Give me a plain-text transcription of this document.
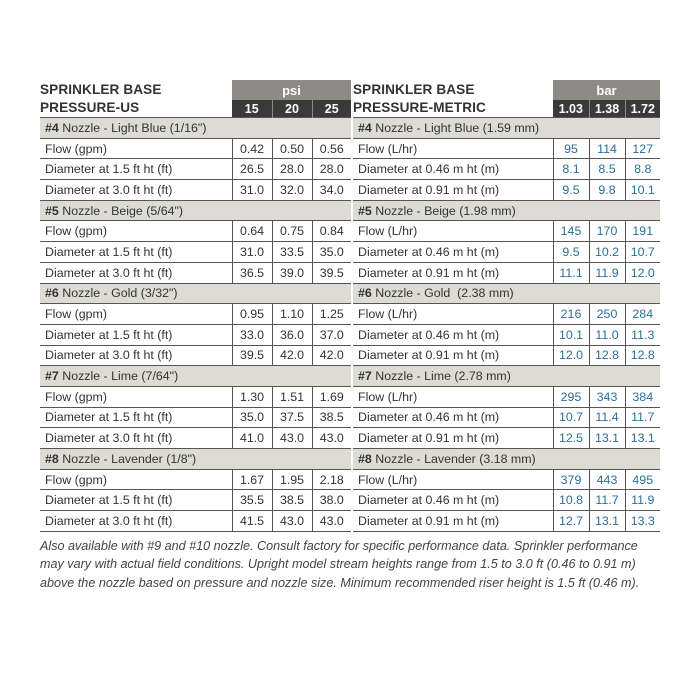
SPRINKLER BASE
PRESSURE-US	psi		
	15	20	25
#4 Nozzle - Light Blue (1/16")			
Flow (gpm)	0.42	0.50	0.56
Diameter at 1.5 ft ht (ft)	26.5	28.0	28.0
Diameter at 3.0 ft ht (ft)	31.0	32.0	34.0
#5 Nozzle - Beige (5/64")			
Flow (gpm)	0.64	0.75	0.84
Diameter at 1.5 ft ht (ft)	31.0	33.5	35.0
Diameter at 3.0 ft ht (ft)	36.5	39.0	39.5
#6 Nozzle - Gold (3/32")			
Flow (gpm)	0.95	1.10	1.25
Diameter at 1.5 ft ht (ft)	33.0	36.0	37.0
Diameter at 3.0 ft ht (ft)	39.5	42.0	42.0
#7 Nozzle - Lime (7/64")			
Flow (gpm)	1.30	1.51	1.69
Diameter at 1.5 ft ht (ft)	35.0	37.5	38.5
Diameter at 3.0 ft ht (ft)	41.0	43.0	43.0
#8 Nozzle - Lavender (1/8")			
Flow (gpm)	1.67	1.95	2.18
Diameter at 1.5 ft ht (ft)	35.5	38.5	38.0
Diameter at 3.0 ft ht (ft)	41.5	43.0	43.0
SPRINKLER BASE
PRESSURE-METRIC	bar		
	1.03	1.38	1.72
#4 Nozzle - Light Blue (1.59 mm)			
Flow (L/hr)	95	114	127
Diameter at 0.46 m ht (m)	8.1	8.5	8.8
Diameter at 0.91 m ht (m)	9.5	9.8	10.1
#5 Nozzle - Beige (1.98 mm)			
Flow (L/hr)	145	170	191
Diameter at 0.46 m ht (m)	9.5	10.2	10.7
Diameter at 0.91 m ht (m)	11.1	11.9	12.0
#6 Nozzle - Gold  (2.38 mm)			
Flow (L/hr)	216	250	284
Diameter at 0.46 m ht (m)	10.1	11.0	11.3
Diameter at 0.91 m ht (m)	12.0	12.8	12.8
#7 Nozzle - Lime (2.78 mm)			
Flow (L/hr)	295	343	384
Diameter at 0.46 m ht (m)	10.7	11.4	11.7
Diameter at 0.91 m ht (m)	12.5	13.1	13.1
#8 Nozzle - Lavender (3.18 mm)			
Flow (L/hr)	379	443	495
Diameter at 0.46 m ht (m)	10.8	11.7	11.9
Diameter at 0.91 m ht (m)	12.7	13.1	13.3

Also available with #9 and #10 nozzle. Consult factory for specific performance data. Sprinkler performance may vary with actual field conditions. Upright model stream heights range from 1.5 to 3.0 ft (0.46 to 0.91 m) above the nozzle based on pressure and nozzle size. Minimum recommended riser height is 1.5 ft (0.46 m).
